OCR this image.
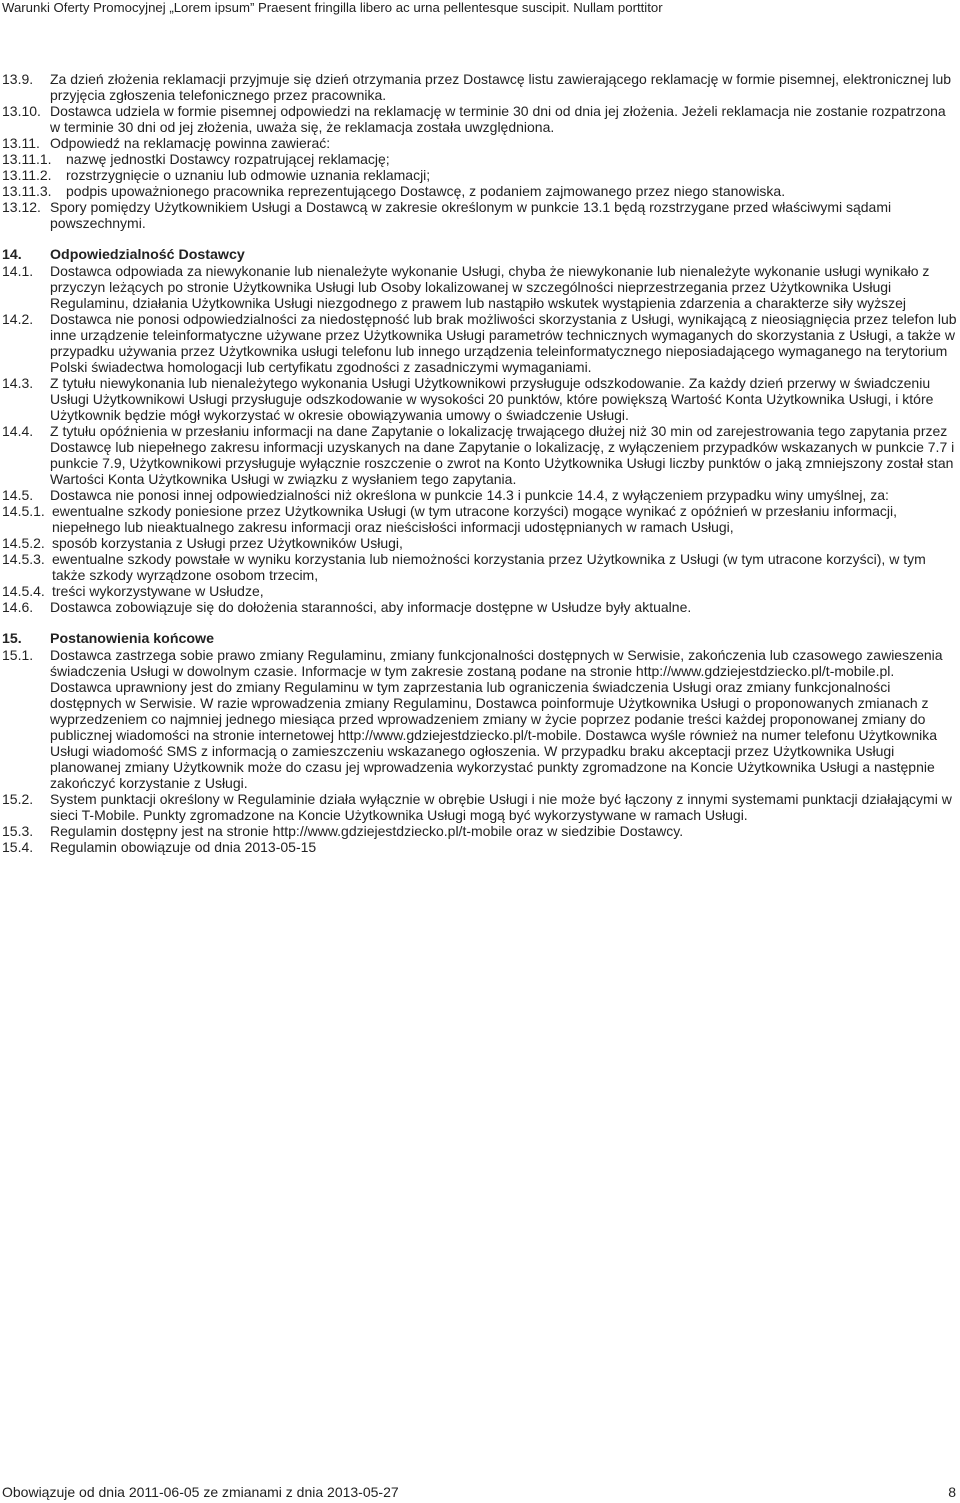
Warunki Oferty Promocyjnej „Lorem ipsum” Praesent fringilla libero ac urna pellentesque suscipit. Nullam porttitor
13.9.	Za dzień złożenia reklamacji przyjmuje się dzień otrzymania przez Dostawcę listu zawierającego reklamację w formie pisemnej, elektronicznej lub przyjęcia zgłoszenia telefonicznego przez pracownika.
13.10. Dostawca udziela w formie pisemnej odpowiedzi na reklamację w terminie 30 dni od dnia jej złożenia. Jeżeli reklamacja nie zostanie rozpatrzona w terminie 30 dni od jej złożenia, uważa się, że reklamacja została uwzględniona.
13.11. Odpowiedź na reklamację powinna zawierać:
13.11.1.	nazwę jednostki Dostawcy rozpatrującej reklamację;
13.11.2.	rozstrzygnięcie o uznaniu lub odmowie uznania reklamacji;
13.11.3.	podpis upoważnionego pracownika reprezentującego Dostawcę, z podaniem zajmowanego przez niego stanowiska.
13.12. Spory pomiędzy Użytkownikiem Usługi a Dostawcą w zakresie określonym w punkcie 13.1 będą rozstrzygane przed właściwymi sądami powszechnymi.
14.	Odpowiedzialność Dostawcy
14.1.	Dostawca odpowiada za niewykonanie lub nienależyte wykonanie Usługi, chyba że niewykonanie lub nienależyte wykonanie usługi wynikało z przyczyn leżących po stronie Użytkownika Usługi lub Osoby lokalizowanej w szczególności nieprzestrzegania przez Użytkownika Usługi Regulaminu, działania Użytkownika Usługi niezgodnego z prawem lub nastąpiło wskutek wystąpienia zdarzenia a charakterze siły wyższej
14.2.	Dostawca nie ponosi odpowiedzialności za niedostępność lub brak możliwości skorzystania z Usługi, wynikającą z nieosiągnięcia przez telefon lub inne urządzenie teleinformatyczne używane przez Użytkownika Usługi parametrów technicznych wymaganych do skorzystania z Usługi, a także w przypadku używania przez Użytkownika usługi telefonu lub innego urządzenia teleinformatycznego nieposiadającego wymaganego na terytorium Polski świadectwa homologacji lub certyfikatu zgodności z zasadniczymi wymaganiami.
14.3.	Z tytułu niewykonania lub nienależytego wykonania Usługi Użytkownikowi przysługuje odszkodowanie. Za każdy dzień przerwy w świadczeniu Usługi Użytkownikowi Usługi przysługuje odszkodowanie w wysokości 20 punktów, które powiększą Wartość Konta Użytkownika Usługi, i które Użytkownik będzie mógł wykorzystać w okresie obowiązywania umowy o świadczenie Usługi.
14.4.	Z tytułu opóźnienia w przesłaniu informacji na dane Zapytanie o lokalizację trwającego dłużej niż 30 min od zarejestrowania tego zapytania przez Dostawcę lub niepełnego zakresu informacji uzyskanych na dane Zapytanie o lokalizację, z wyłączeniem przypadków wskazanych w punkcie 7.7 i punkcie 7.9, Użytkownikowi przysługuje wyłącznie roszczenie o zwrot na Konto Użytkownika Usługi liczby punktów o jaką zmniejszony został stan Wartości Konta Użytkownika Usługi w związku z wysłaniem tego zapytania.
14.5.	Dostawca nie ponosi innej odpowiedzialności niż określona w punkcie 14.3 i punkcie 14.4, z wyłączeniem przypadku winy umyślnej, za:
14.5.1. ewentualne szkody poniesione przez Użytkownika Usługi (w tym utracone korzyści) mogące wynikać z opóźnień w przesłaniu informacji, niepełnego lub nieaktualnego zakresu informacji oraz nieścisłości informacji udostępnianych w ramach Usługi,
14.5.2. sposób korzystania z Usługi przez Użytkowników Usługi,
14.5.3. ewentualne szkody powstałe w wyniku korzystania lub niemożności korzystania przez Użytkownika z Usługi (w tym utracone korzyści), w tym także szkody wyrządzone osobom trzecim,
14.5.4. treści wykorzystywane w Usłudze,
14.6.	Dostawca zobowiązuje się do dołożenia staranności, aby informacje dostępne w Usłudze były aktualne.
15.	Postanowienia końcowe
15.1.	Dostawca zastrzega sobie prawo zmiany Regulaminu, zmiany funkcjonalności dostępnych w Serwisie, zakończenia lub czasowego zawieszenia świadczenia Usługi w dowolnym czasie. Informacje w tym zakresie zostaną podane na stronie http://www.gdziejestdziecko.pl/t-mobile.pl. Dostawca uprawniony jest do zmiany Regulaminu w tym zaprzestania lub ograniczenia świadczenia Usługi oraz zmiany funkcjonalności dostępnych w Serwisie. W razie wprowadzenia zmiany Regulaminu, Dostawca poinformuje Użytkownika Usługi o proponowanych zmianach z wyprzedzeniem co najmniej jednego miesiąca przed wprowadzeniem zmiany w życie poprzez podanie treści każdej proponowanej zmiany do publicznej wiadomości na stronie internetowej http://www.gdziejestdziecko.pl/t-mobile. Dostawca wyśle również na numer telefonu Użytkownika Usługi wiadomość SMS z informacją o zamieszczeniu wskazanego ogłoszenia. W przypadku braku akceptacji przez Użytkownika Usługi planowanej zmiany Użytkownik może do czasu jej wprowadzenia wykorzystać punkty zgromadzone na Koncie Użytkownika Usługi a następnie zakończyć korzystanie z Usługi.
15.2.	System punktacji określony w Regulaminie działa wyłącznie w obrębie Usługi i nie może być łączony z innymi systemami punktacji działającymi w sieci T-Mobile. Punkty zgromadzone na Koncie Użytkownika Usługi mogą być wykorzystywane w ramach Usługi.
15.3.	Regulamin dostępny jest na stronie http://www.gdziejestdziecko.pl/t-mobile oraz w siedzibie Dostawcy.
15.4.	Regulamin obowiązuje od dnia 2013-05-15
Obowiązuje od dnia 2011-06-05 ze zmianami z dnia 2013-05-27	8
